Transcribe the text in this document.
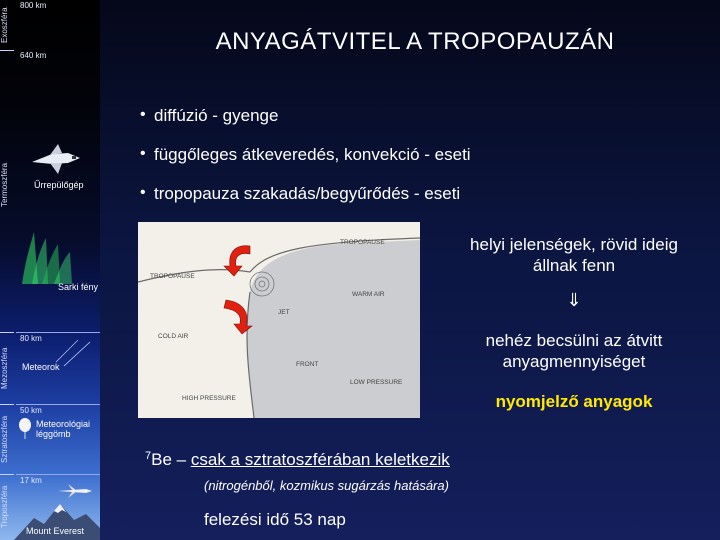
Exoszféra
Termoszféra
Mezoszféra
Sztratoszféra
Troposzféra
800 km
640 km
80 km
50 km
17 km
Űrrepülőgép
Sarki fény
Meteorok
Meteorológiai léggömb
Mount Everest
ANYAGÁTVITEL A TROPOPAUZÁN
• diffúzió - gyenge
• függőleges átkeveredés, konvekció - eseti
• tropopauza szakadás/begyűrődés - eseti
TROPOPAUSE
TROPOPAUSE
WARM AIR
JET
COLD AIR
FRONT
LOW PRESSURE
HIGH PRESSURE
helyi jelenségek, rövid ideig állnak fenn
⇓
nehéz becsülni az átvitt anyagmennyiséget
nyomjelző anyagok
$^7$Be – csak a sztratoszférában keletkezik
(nitrogénből, kozmikus sugárzás hatására)
felezési idő 53 nap
